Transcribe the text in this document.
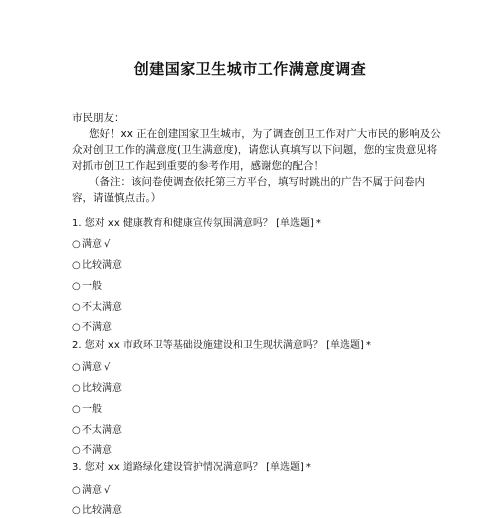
创建国家卫生城市工作满意度调查

市民朋友：

您好！xx 正在创建国家卫生城市，为了调查创卫工作对广大市民的影响及公众对创卫工作的满意度(卫生满意度)，请您认真填写以下问题，您的宝贵意见将对抓市创卫工作起到重要的参考作用，感谢您的配合！

（备注：该问卷使调查依托第三方平台，填写时跳出的广告不属于问卷内容，请谨慎点击。）

1. 您对 xx 健康教育和健康宣传氛围满意吗？ [单选题] *
○满意 √
○比较满意
○一般
○不太满意
○不满意
2. 您对 xx 市政环卫等基础设施建设和卫生现状满意吗？ [单选题] *
○满意 √
○比较满意
○一般
○不太满意
○不满意
3. 您对 xx 道路绿化建设管护情况满意吗？ [单选题] *
○满意 √
○比较满意
